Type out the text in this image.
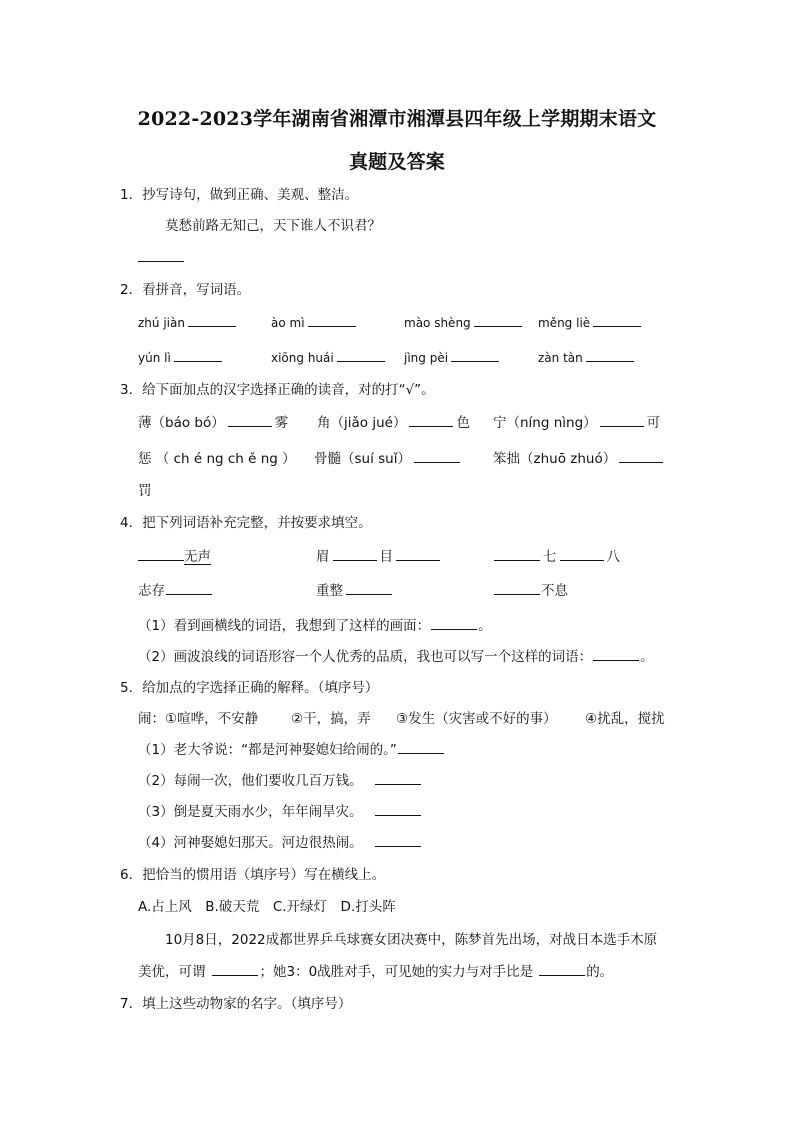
2022-2023学年湖南省湘潭市湘潭县四年级上学期期末语文
真题及答案
1．抄写诗句，做到正确、美观、整洁。
莫愁前路无知己，天下谁人不识君？
2．看拼音，写词语。
zhú jiàn	ào mì	mào shèng	měng liè
yún lì	xiōng huái	jìng pèi	zàn tàn
3．给下面加点的汉字选择正确的读音，对的打“√”。
薄（báo bó）	雾 角（jiǎo jué）	色 宁（níng nìng）	可
惩 （ ch é ng ch ě ng ） 骨髓（suí suǐ）	笨拙（zhuō zhuó）
罚
4．把下列词语补充完整，并按要求填空。
无声	眉	目	七	八
志存	重整	不息
（1）看到画横线的词语，我想到了这样的画面：	。
（2）画波浪线的词语形容一个人优秀的品质，我也可以写一个这样的词语：	。
5．给加点的字选择正确的解释。（填序号）
闹： ①喧哗，不安静 ②干，搞，弄 ③发生（灾害或不好的事） ④扰乱，搅扰
（1）老大爷说：“都是河神娶媳妇给闹的。”
（2）每闹一次，他们要收几百万钱。
（3）倒是夏天雨水少，年年闹旱灾。
（4）河神娶媳妇那天。河边很热闹。
6．把恰当的惯用语（填序号）写在横线上。
A.占上风　B.破天荒　C.开绿灯　D.打头阵
10月8日，2022成都世界乒乓球赛女团决赛中，陈梦首先出场，对战日本选手木原
美优，可谓	；她3：0战胜对手，可见她的实力与对手比是	的。
7．填上这些动物家的名字。（填序号）
